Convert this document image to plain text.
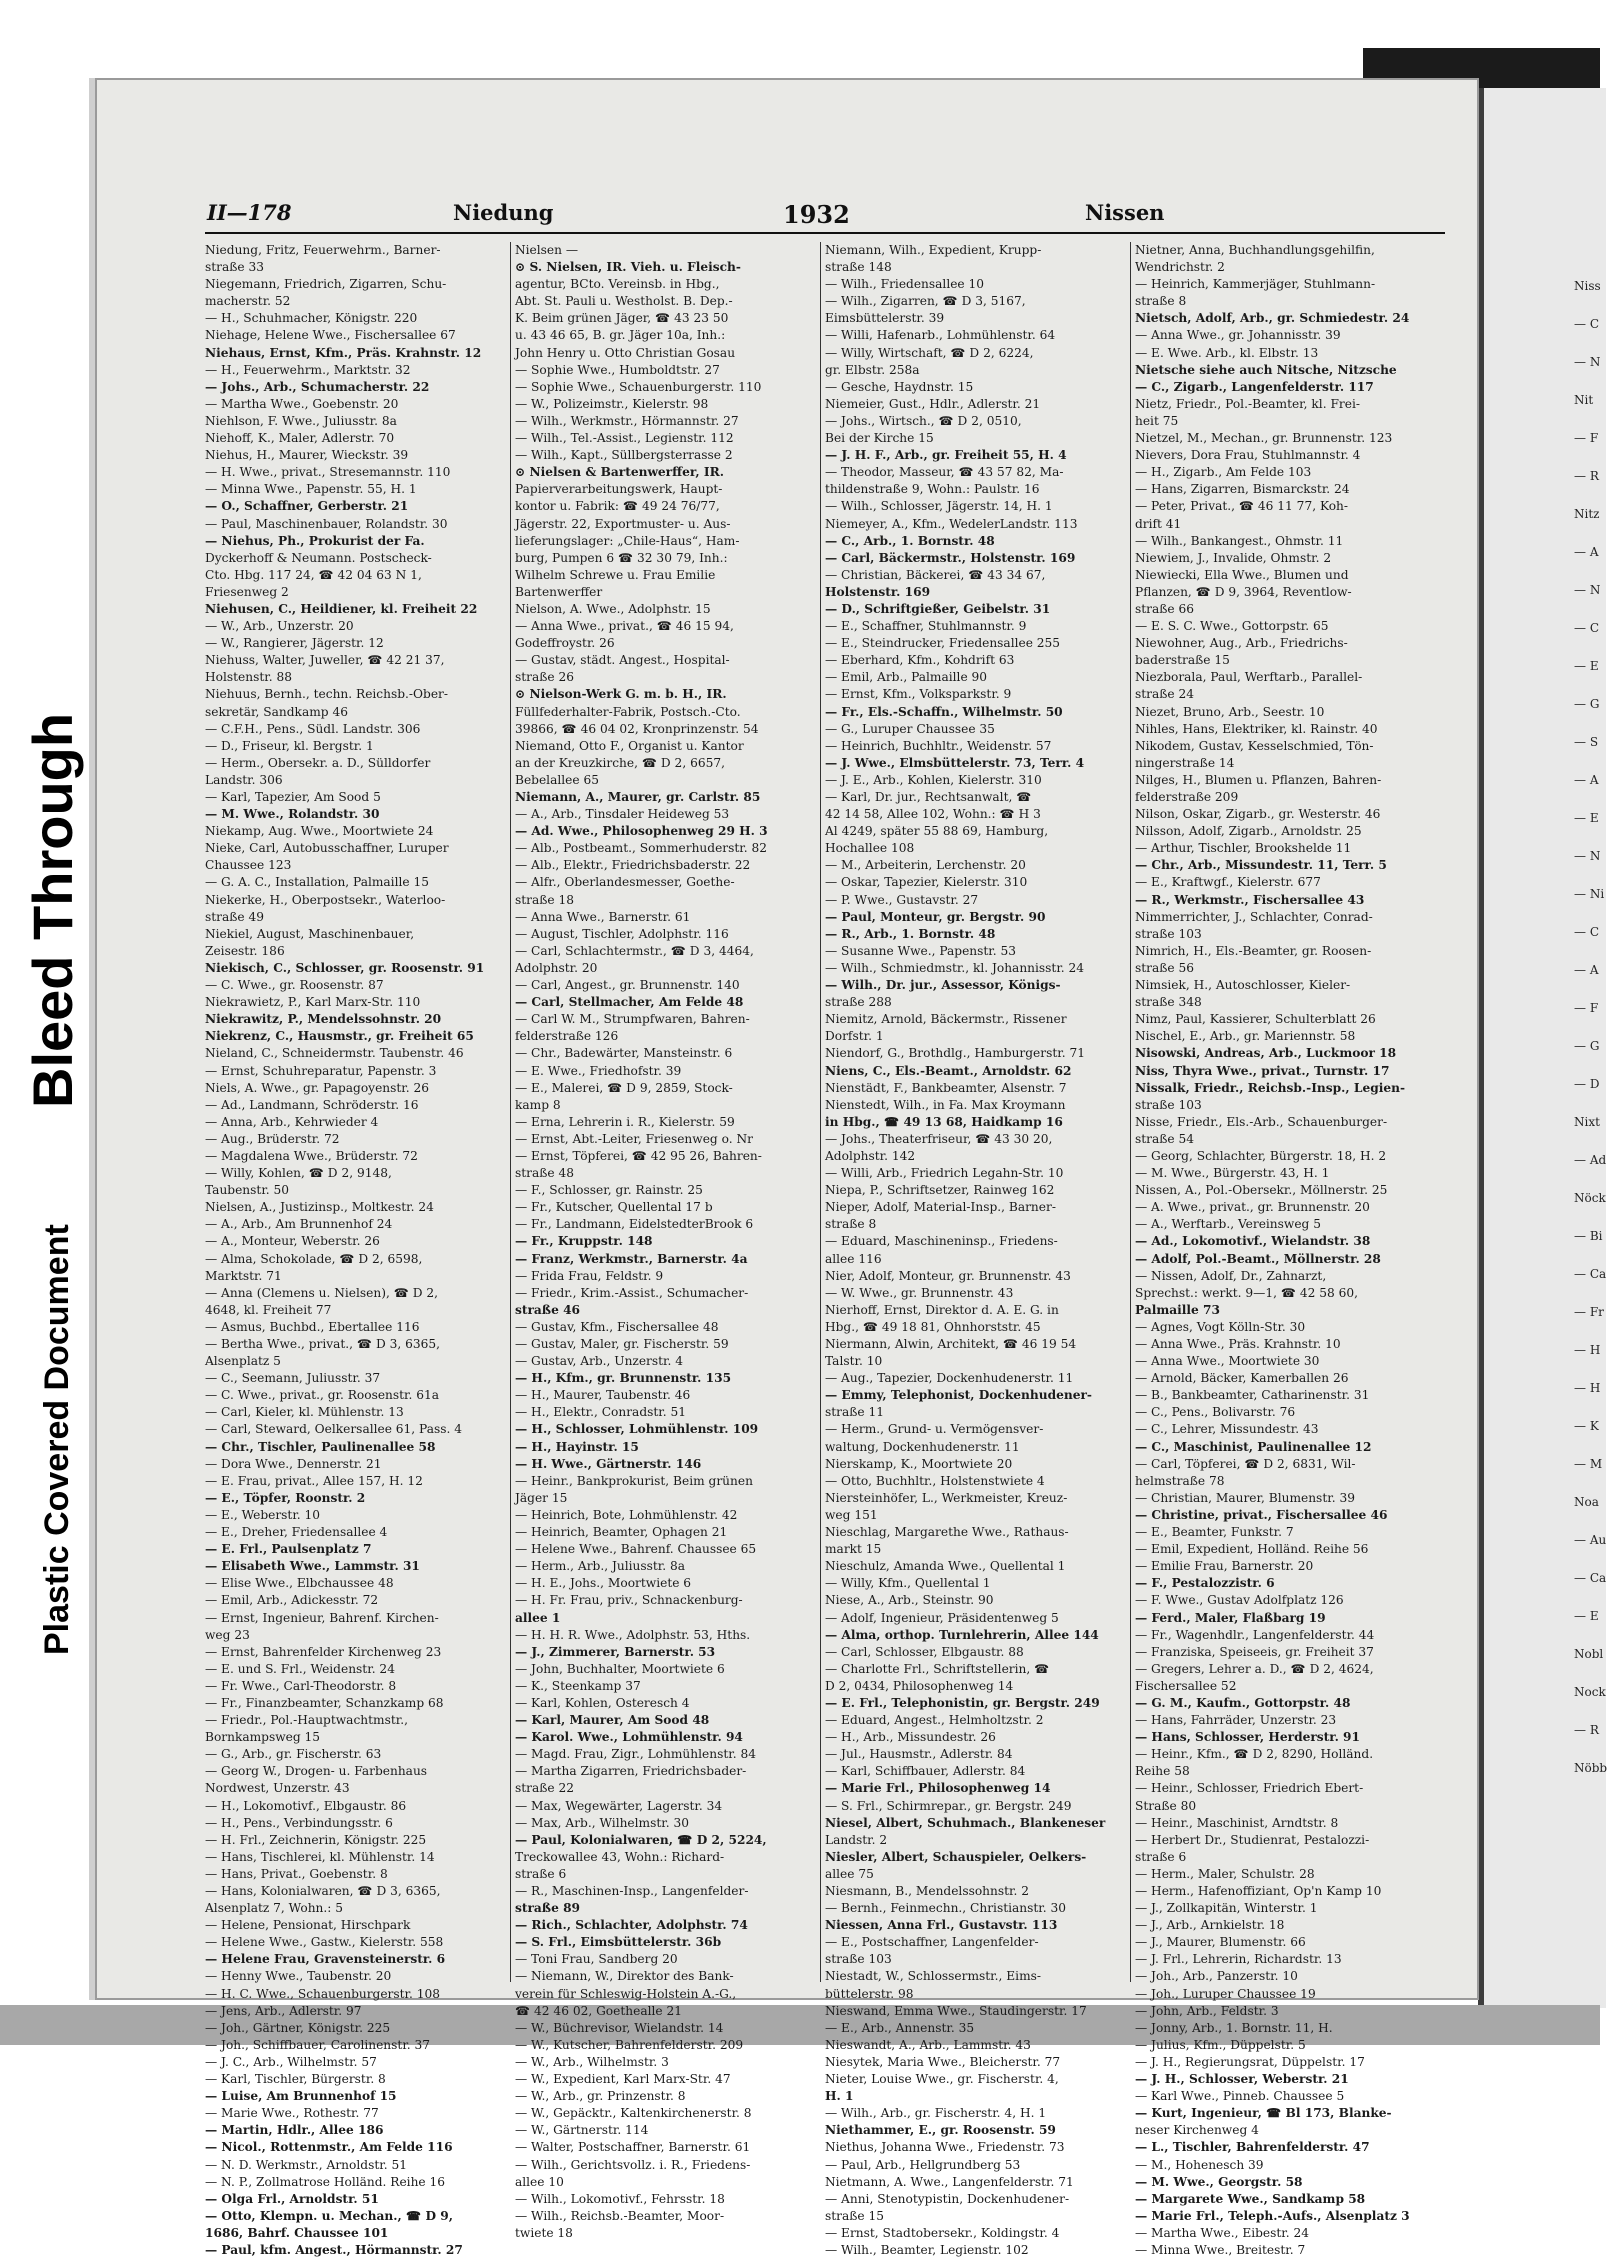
Bleed Through
Plastic Covered Document
Niss
— C
— N
Nit
— F
— R
Nitz
— A
— N
— C
— E
— G
— S
— A
— E
— N
— Ni
— C
— A
— F
— G
— D
Nixt
— Ad
Nöck
— Bi
— Ca
— Fr
— H
— H
— K
— M
Noa
— Au
— Ca
— E
Nobl
Nock
— R
Nöbb
II—178	Niedung	1932	Nissen
Niedung, Fritz, Feuerwehrm., Barner-
straße 33
Niegemann, Friedrich, Zigarren, Schu-
macherstr. 52
— H., Schuhmacher, Königstr. 220
Niehage, Helene Wwe., Fischersallee 67
Niehaus, Ernst, Kfm., Präs. Krahnstr. 12
— H., Feuerwehrm., Marktstr. 32
— Johs., Arb., Schumacherstr. 22
— Martha Wwe., Goebenstr. 20
Niehlson, F. Wwe., Juliusstr. 8a
Niehoff, K., Maler, Adlerstr. 70
Niehus, H., Maurer, Wieckstr. 39
— H. Wwe., privat., Stresemannstr. 110
— Minna Wwe., Papenstr. 55, H. 1
— O., Schaffner, Gerberstr. 21
— Paul, Maschinenbauer, Rolandstr. 30
— Niehus, Ph., Prokurist der Fa.
Dyckerhoff & Neumann. Postscheck-
Cto. Hbg. 117 24, ☎ 42 04 63 N 1,
Friesenweg 2
Niehusen, C., Heildiener, kl. Freiheit 22
— W., Arb., Unzerstr. 20
— W., Rangierer, Jägerstr. 12
Niehuss, Walter, Juweller, ☎ 42 21 37,
Holstenstr. 88
Niehuus, Bernh., techn. Reichsb.-Ober-
sekretär, Sandkamp 46
— C.F.H., Pens., Südl. Landstr. 306
— D., Friseur, kl. Bergstr. 1
— Herm., Obersekr. a. D., Sülldorfer
Landstr. 306
— Karl, Tapezier, Am Sood 5
— M. Wwe., Rolandstr. 30
Niekamp, Aug. Wwe., Moortwiete 24
Nieke, Carl, Autobusschaffner, Luruper
Chaussee 123
— G. A. C., Installation, Palmaille 15
Niekerke, H., Oberpostsekr., Waterloo-
straße 49
Niekiel, August, Maschinenbauer,
Zeisestr. 186
Niekisch, C., Schlosser, gr. Roosenstr. 91
— C. Wwe., gr. Roosenstr. 87
Niekrawietz, P., Karl Marx-Str. 110
Niekrawitz, P., Mendelssohnstr. 20
Niekrenz, C., Hausmstr., gr. Freiheit 65
Nieland, C., Schneidermstr. Taubenstr. 46
— Ernst, Schuhreparatur, Papenstr. 3
Niels, A. Wwe., gr. Papagoyenstr. 26
— Ad., Landmann, Schröderstr. 16
— Anna, Arb., Kehrwieder 4
— Aug., Brüderstr. 72
— Magdalena Wwe., Brüderstr. 72
— Willy, Kohlen, ☎ D 2, 9148,
Taubenstr. 50
Nielsen, A., Justizinsp., Moltkestr. 24
— A., Arb., Am Brunnenhof 24
— A., Monteur, Weberstr. 26
— Alma, Schokolade, ☎ D 2, 6598,
Marktstr. 71
— Anna (Clemens u. Nielsen), ☎ D 2,
4648, kl. Freiheit 77
— Asmus, Buchbd., Ebertallee 116
— Bertha Wwe., privat., ☎ D 3, 6365,
Alsenplatz 5
— C., Seemann, Juliusstr. 37
— C. Wwe., privat., gr. Roosenstr. 61a
— Carl, Kieler, kl. Mühlenstr. 13
— Carl, Steward, Oelkersallee 61, Pass. 4
— Chr., Tischler, Paulinenallee 58
— Dora Wwe., Dennerstr. 21
— E. Frau, privat., Allee 157, H. 12
— E., Töpfer, Roonstr. 2
— E., Weberstr. 10
— E., Dreher, Friedensallee 4
— E. Frl., Paulsenplatz 7
— Elisabeth Wwe., Lammstr. 31
— Elise Wwe., Elbchaussee 48
— Emil, Arb., Adickesstr. 72
— Ernst, Ingenieur, Bahrenf. Kirchen-
weg 23
— Ernst, Bahrenfelder Kirchenweg 23
— E. und S. Frl., Weidenstr. 24
— Fr. Wwe., Carl-Theodorstr. 8
— Fr., Finanzbeamter, Schanzkamp 68
— Friedr., Pol.-Hauptwachtmstr.,
Bornkampsweg 15
— G., Arb., gr. Fischerstr. 63
— Georg W., Drogen- u. Farbenhaus
Nordwest, Unzerstr. 43
— H., Lokomotivf., Elbgaustr. 86
— H., Pens., Verbindungsstr. 6
— H. Frl., Zeichnerin, Königstr. 225
— Hans, Tischlerei, kl. Mühlenstr. 14
— Hans, Privat., Goebenstr. 8
— Hans, Kolonialwaren, ☎ D 3, 6365,
Alsenplatz 7, Wohn.: 5
— Helene, Pensionat, Hirschpark
— Helene Wwe., Gastw., Kielerstr. 558
— Helene Frau, Gravensteinerstr. 6
— Henny Wwe., Taubenstr. 20
— H. C. Wwe., Schauenburgerstr. 108
— Jens, Arb., Adlerstr. 97
— Joh., Gärtner, Königstr. 225
— Joh., Schiffbauer, Carolinenstr. 37
— J. C., Arb., Wilhelmstr. 57
— Karl, Tischler, Bürgerstr. 8
— Luise, Am Brunnenhof 15
— Marie Wwe., Rothestr. 77
— Martin, Hdlr., Allee 186
— Nicol., Rottenmstr., Am Felde 116
— N. D. Werkmstr., Arnoldstr. 51
— N. P., Zollmatrose Holländ. Reihe 16
— Olga Frl., Arnoldstr. 51
— Otto, Klempn. u. Mechan., ☎ D 9,
1686, Bahrf. Chaussee 101
— Paul, kfm. Angest., Hörmannstr. 27
Nielsen —
⊙ S. Nielsen, IR. Vieh. u. Fleisch-
agentur, BCto. Vereinsb. in Hbg.,
Abt. St. Pauli u. Westholst. B. Dep.-
K. Beim grünen Jäger, ☎ 43 23 50
u. 43 46 65, B. gr. Jäger 10a, Inh.:
John Henry u. Otto Christian Gosau
— Sophie Wwe., Humboldtstr. 27
— Sophie Wwe., Schauenburgerstr. 110
— W., Polizeimstr., Kielerstr. 98
— Wilh., Werkmstr., Hörmannstr. 27
— Wilh., Tel.-Assist., Legienstr. 112
— Wilh., Kapt., Süllbergsterrasse 2
⊙ Nielsen & Bartenwerffer, IR.
Papierverarbeitungswerk, Haupt-
kontor u. Fabrik: ☎ 49 24 76/77,
Jägerstr. 22, Exportmuster- u. Aus-
lieferungslager: „Chile-Haus“, Ham-
burg, Pumpen 6 ☎ 32 30 79, Inh.:
Wilhelm Schrewe u. Frau Emilie
Bartenwerffer
Nielson, A. Wwe., Adolphstr. 15
— Anna Wwe., privat., ☎ 46 15 94,
Godeffroystr. 26
— Gustav, städt. Angest., Hospital-
straße 26
⊙ Nielson-Werk G. m. b. H., IR.
Füllfederhalter-Fabrik, Postsch.-Cto.
39866, ☎ 46 04 02, Kronprinzenstr. 54
Niemand, Otto F., Organist u. Kantor
an der Kreuzkirche, ☎ D 2, 6657,
Bebelallee 65
Niemann, A., Maurer, gr. Carlstr. 85
— A., Arb., Tinsdaler Heideweg 53
— Ad. Wwe., Philosophenweg 29 H. 3
— Alb., Postbeamt., Sommerhuderstr. 82
— Alb., Elektr., Friedrichsbaderstr. 22
— Alfr., Oberlandesmesser, Goethe-
straße 18
— Anna Wwe., Barnerstr. 61
— August, Tischler, Adolphstr. 116
— Carl, Schlachtermstr., ☎ D 3, 4464,
Adolphstr. 20
— Carl, Angest., gr. Brunnenstr. 140
— Carl, Stellmacher, Am Felde 48
— Carl W. M., Strumpfwaren, Bahren-
felderstraße 126
— Chr., Badewärter, Mansteinstr. 6
— E. Wwe., Friedhofstr. 39
— E., Malerei, ☎ D 9, 2859, Stock-
kamp 8
— Erna, Lehrerin i. R., Kielerstr. 59
— Ernst, Abt.-Leiter, Friesenweg o. Nr
— Ernst, Töpferei, ☎ 42 95 26, Bahren-
straße 48
— F., Schlosser, gr. Rainstr. 25
— Fr., Kutscher, Quellental 17 b
— Fr., Landmann, EidelstedterBrook 6
— Fr., Kruppstr. 148
— Franz, Werkmstr., Barnerstr. 4a
— Frida Frau, Feldstr. 9
— Friedr., Krim.-Assist., Schumacher-
straße 46
— Gustav, Kfm., Fischersallee 48
— Gustav, Maler, gr. Fischerstr. 59
— Gustav, Arb., Unzerstr. 4
— H., Kfm., gr. Brunnenstr. 135
— H., Maurer, Taubenstr. 46
— H., Elektr., Conradstr. 51
— H., Schlosser, Lohmühlenstr. 109
— H., Hayinstr. 15
— H. Wwe., Gärtnerstr. 146
— Heinr., Bankprokurist, Beim grünen
Jäger 15
— Heinrich, Bote, Lohmühlenstr. 42
— Heinrich, Beamter, Ophagen 21
— Helene Wwe., Bahrenf. Chaussee 65
— Herm., Arb., Juliusstr. 8a
— H. E., Johs., Moortwiete 6
— H. Fr. Frau, priv., Schnackenburg-
allee 1
— H. H. R. Wwe., Adolphstr. 53, Hths.
— J., Zimmerer, Barnerstr. 53
— John, Buchhalter, Moortwiete 6
— K., Steenkamp 37
— Karl, Kohlen, Osteresch 4
— Karl, Maurer, Am Sood 48
— Karol. Wwe., Lohmühlenstr. 94
— Magd. Frau, Zigr., Lohmühlenstr. 84
— Martha Zigarren, Friedrichsbader-
straße 22
— Max, Wegewärter, Lagerstr. 34
— Max, Arb., Wilhelmstr. 30
— Paul, Kolonialwaren, ☎ D 2, 5224,
Treckowallee 43, Wohn.: Richard-
straße 6
— R., Maschinen-Insp., Langenfelder-
straße 89
— Rich., Schlachter, Adolphstr. 74
— S. Frl., Eimsbüttelerstr. 36b
— Toni Frau, Sandberg 20
— Niemann, W., Direktor des Bank-
verein für Schleswig-Holstein A.-G.,
☎ 42 46 02, Goethealle 21
— W., Büchrevisor, Wielandstr. 14
— W., Kutscher, Bahrenfelderstr. 209
— W., Arb., Wilhelmstr. 3
— W., Expedient, Karl Marx-Str. 47
— W., Arb., gr. Prinzenstr. 8
— W., Gepäcktr., Kaltenkirchenerstr. 8
— W., Gärtnerstr. 114
— Walter, Postschaffner, Barnerstr. 61
— Wilh., Gerichtsvollz. i. R., Friedens-
allee 10
— Wilh., Lokomotivf., Fehrsstr. 18
— Wilh., Reichsb.-Beamter, Moor-
twiete 18
Niemann, Wilh., Expedient, Krupp-
straße 148
— Wilh., Friedensallee 10
— Wilh., Zigarren, ☎ D 3, 5167,
Eimsbüttelerstr. 39
— Willi, Hafenarb., Lohmühlenstr. 64
— Willy, Wirtschaft, ☎ D 2, 6224,
gr. Elbstr. 258a
— Gesche, Haydnstr. 15
Niemeier, Gust., Hdlr., Adlerstr. 21
— Johs., Wirtsch., ☎ D 2, 0510,
Bei der Kirche 15
— J. H. F., Arb., gr. Freiheit 55, H. 4
— Theodor, Masseur, ☎ 43 57 82, Ma-
thildenstraße 9, Wohn.: Paulstr. 16
— Wilh., Schlosser, Jägerstr. 14, H. 1
Niemeyer, A., Kfm., WedelerLandstr. 113
— C., Arb., 1. Bornstr. 48
— Carl, Bäckermstr., Holstenstr. 169
— Christian, Bäckerei, ☎ 43 34 67,
Holstenstr. 169
— D., Schriftgießer, Geibelstr. 31
— E., Schaffner, Stuhlmannstr. 9
— E., Steindrucker, Friedensallee 255
— Eberhard, Kfm., Kohdrift 63
— Emil, Arb., Palmaille 90
— Ernst, Kfm., Volksparkstr. 9
— Fr., Els.-Schaffn., Wilhelmstr. 50
— G., Luruper Chaussee 35
— Heinrich, Buchhltr., Weidenstr. 57
— J. Wwe., Elmsbüttelerstr. 73, Terr. 4
— J. E., Arb., Kohlen, Kielerstr. 310
— Karl, Dr. jur., Rechtsanwalt, ☎
42 14 58, Allee 102, Wohn.: ☎ H 3
Al 4249, später 55 88 69, Hamburg,
Hochallee 108
— M., Arbeiterin, Lerchenstr. 20
— Oskar, Tapezier, Kielerstr. 310
— P. Wwe., Gustavstr. 27
— Paul, Monteur, gr. Bergstr. 90
— R., Arb., 1. Bornstr. 48
— Susanne Wwe., Papenstr. 53
— Wilh., Schmiedmstr., kl. Johannisstr. 24
— Wilh., Dr. jur., Assessor, Königs-
straße 288
Niemitz, Arnold, Bäckermstr., Rissener
Dorfstr. 1
Niendorf, G., Brothdlg., Hamburgerstr. 71
Niens, C., Els.-Beamt., Arnoldstr. 62
Nienstädt, F., Bankbeamter, Alsenstr. 7
Nienstedt, Wilh., in Fa. Max Kroymann
in Hbg., ☎ 49 13 68, Haidkamp 16
— Johs., Theaterfriseur, ☎ 43 30 20,
Adolphstr. 142
— Willi, Arb., Friedrich Legahn-Str. 10
Niepa, P., Schriftsetzer, Rainweg 162
Nieper, Adolf, Material-Insp., Barner-
straße 8
— Eduard, Maschineninsp., Friedens-
allee 116
Nier, Adolf, Monteur, gr. Brunnenstr. 43
— W. Wwe., gr. Brunnenstr. 43
Nierhoff, Ernst, Direktor d. A. E. G. in
Hbg., ☎ 49 18 81, Ohnhorststr. 45
Niermann, Alwin, Architekt, ☎ 46 19 54
Talstr. 10
— Aug., Tapezier, Dockenhudenerstr. 11
— Emmy, Telephonist, Dockenhudener-
straße 11
— Herm., Grund- u. Vermögensver-
waltung, Dockenhudenerstr. 11
Nierskamp, K., Moortwiete 20
— Otto, Buchhltr., Holstenstwiete 4
Niersteinhöfer, L., Werkmeister, Kreuz-
weg 151
Nieschlag, Margarethe Wwe., Rathaus-
markt 15
Nieschulz, Amanda Wwe., Quellental 1
— Willy, Kfm., Quellental 1
Niese, A., Arb., Steinstr. 90
— Adolf, Ingenieur, Präsidentenweg 5
— Alma, orthop. Turnlehrerin, Allee 144
— Carl, Schlosser, Elbgaustr. 88
— Charlotte Frl., Schriftstellerin, ☎
D 2, 0434, Philosophenweg 14
— E. Frl., Telephonistin, gr. Bergstr. 249
— Eduard, Angest., Helmholtzstr. 2
— H., Arb., Missundestr. 26
— Jul., Hausmstr., Adlerstr. 84
— Karl, Schiffbauer, Adlerstr. 84
— Marie Frl., Philosophenweg 14
— S. Frl., Schirmrepar., gr. Bergstr. 249
Niesel, Albert, Schuhmach., Blankeneser
Landstr. 2
Niesler, Albert, Schauspieler, Oelkers-
allee 75
Niesmann, B., Mendelssohnstr. 2
— Bernh., Feinmechn., Christianstr. 30
Niessen, Anna Frl., Gustavstr. 113
— E., Postschaffner, Langenfelder-
straße 103
Niestadt, W., Schlossermstr., Eims-
büttelerstr. 98
Nieswand, Emma Wwe., Staudingerstr. 17
— E., Arb., Annenstr. 35
Nieswandt, A., Arb., Lammstr. 43
Niesytek, Maria Wwe., Bleicherstr. 77
Nieter, Louise Wwe., gr. Fischerstr. 4,
H. 1
— Wilh., Arb., gr. Fischerstr. 4, H. 1
Niethammer, E., gr. Roosenstr. 59
Niethus, Johanna Wwe., Friedenstr. 73
— Paul, Arb., Hellgrundberg 53
Nietmann, A. Wwe., Langenfelderstr. 71
— Anni, Stenotypistin, Dockenhudener-
straße 15
— Ernst, Stadtobersekr., Koldingstr. 4
— Wilh., Beamter, Legienstr. 102
Nietner, Anna, Buchhandlungsgehilfin,
Wendrichstr. 2
— Heinrich, Kammerjäger, Stuhlmann-
straße 8
Nietsch, Adolf, Arb., gr. Schmiedestr. 24
— Anna Wwe., gr. Johannisstr. 39
— E. Wwe. Arb., kl. Elbstr. 13
Nietsche siehe auch Nitsche, Nitzsche
— C., Zigarb., Langenfelderstr. 117
Nietz, Friedr., Pol.-Beamter, kl. Frei-
heit 75
Nietzel, M., Mechan., gr. Brunnenstr. 123
Nievers, Dora Frau, Stuhlmannstr. 4
— H., Zigarb., Am Felde 103
— Hans, Zigarren, Bismarckstr. 24
— Peter, Privat., ☎ 46 11 77, Koh-
drift 41
— Wilh., Bankangest., Ohmstr. 11
Niewiem, J., Invalide, Ohmstr. 2
Niewiecki, Ella Wwe., Blumen und
Pflanzen, ☎ D 9, 3964, Reventlow-
straße 66
— E. S. C. Wwe., Gottorpstr. 65
Niewohner, Aug., Arb., Friedrichs-
baderstraße 15
Niezborala, Paul, Werftarb., Parallel-
straße 24
Niezet, Bruno, Arb., Seestr. 10
Nihles, Hans, Elektriker, kl. Rainstr. 40
Nikodem, Gustav, Kesselschmied, Tön-
ningerstraße 14
Nilges, H., Blumen u. Pflanzen, Bahren-
felderstraße 209
Nilson, Oskar, Zigarb., gr. Westerstr. 46
Nilsson, Adolf, Zigarb., Arnoldstr. 25
— Arthur, Tischler, Brookshelde 11
— Chr., Arb., Missundestr. 11, Terr. 5
— E., Kraftwgf., Kielerstr. 677
— R., Werkmstr., Fischersallee 43
Nimmerrichter, J., Schlachter, Conrad-
straße 103
Nimrich, H., Els.-Beamter, gr. Roosen-
straße 56
Nimsiek, H., Autoschlosser, Kieler-
straße 348
Nimz, Paul, Kassierer, Schulterblatt 26
Nischel, E., Arb., gr. Mariennstr. 58
Nisowski, Andreas, Arb., Luckmoor 18
Niss, Thyra Wwe., privat., Turnstr. 17
Nissalk, Friedr., Reichsb.-Insp., Legien-
straße 103
Nisse, Friedr., Els.-Arb., Schauenburger-
straße 54
— Georg, Schlachter, Bürgerstr. 18, H. 2
— M. Wwe., Bürgerstr. 43, H. 1
Nissen, A., Pol.-Obersekr., Möllnerstr. 25
— A. Wwe., privat., gr. Brunnenstr. 20
— A., Werftarb., Vereinsweg 5
— Ad., Lokomotivf., Wielandstr. 38
— Adolf, Pol.-Beamt., Möllnerstr. 28
— Nissen, Adolf, Dr., Zahnarzt,
Sprechst.: werkt. 9—1, ☎ 42 58 60,
Palmaille 73
— Agnes, Vogt Kölln-Str. 30
— Anna Wwe., Präs. Krahnstr. 10
— Anna Wwe., Moortwiete 30
— Arnold, Bäcker, Kamerballen 26
— B., Bankbeamter, Catharinenstr. 31
— C., Pens., Bolivarstr. 76
— C., Lehrer, Missundestr. 43
— C., Maschinist, Paulinenallee 12
— Carl, Töpferei, ☎ D 2, 6831, Wil-
helmstraße 78
— Christian, Maurer, Blumenstr. 39
— Christine, privat., Fischersallee 46
— E., Beamter, Funkstr. 7
— Emil, Expedient, Holländ. Reihe 56
— Emilie Frau, Barnerstr. 20
— F., Pestalozzistr. 6
— F. Wwe., Gustav Adolfplatz 126
— Ferd., Maler, Flaßbarg 19
— Fr., Wagenhdlr., Langenfelderstr. 44
— Franziska, Speiseeis, gr. Freiheit 37
— Gregers, Lehrer a. D., ☎ D 2, 4624,
Fischersallee 52
— G. M., Kaufm., Gottorpstr. 48
— Hans, Fahrräder, Unzerstr. 23
— Hans, Schlosser, Herderstr. 91
— Heinr., Kfm., ☎ D 2, 8290, Holländ.
Reihe 58
— Heinr., Schlosser, Friedrich Ebert-
Straße 80
— Heinr., Maschinist, Arndtstr. 8
— Herbert Dr., Studienrat, Pestalozzi-
straße 6
— Herm., Maler, Schulstr. 28
— Herm., Hafenoffiziant, Op'n Kamp 10
— J., Zollkapitän, Winterstr. 1
— J., Arb., Arnkielstr. 18
— J., Maurer, Blumenstr. 66
— J. Frl., Lehrerin, Richardstr. 13
— Joh., Arb., Panzerstr. 10
— Joh., Luruper Chaussee 19
— John, Arb., Feldstr. 3
— Jonny, Arb., 1. Bornstr. 11, H.
— Julius, Kfm., Düppelstr. 5
— J. H., Regierungsrat, Düppelstr. 17
— J. H., Schlosser, Weberstr. 21
— Karl Wwe., Pinneb. Chaussee 5
— Kurt, Ingenieur, ☎ Bl 173, Blanke-
neser Kirchenweg 4
— L., Tischler, Bahrenfelderstr. 47
— M., Hohenesch 39
— M. Wwe., Georgstr. 58
— Margarete Wwe., Sandkamp 58
— Marie Frl., Teleph.-Aufs., Alsenplatz 3
— Martha Wwe., Eibestr. 24
— Minna Wwe., Breitestr. 7
